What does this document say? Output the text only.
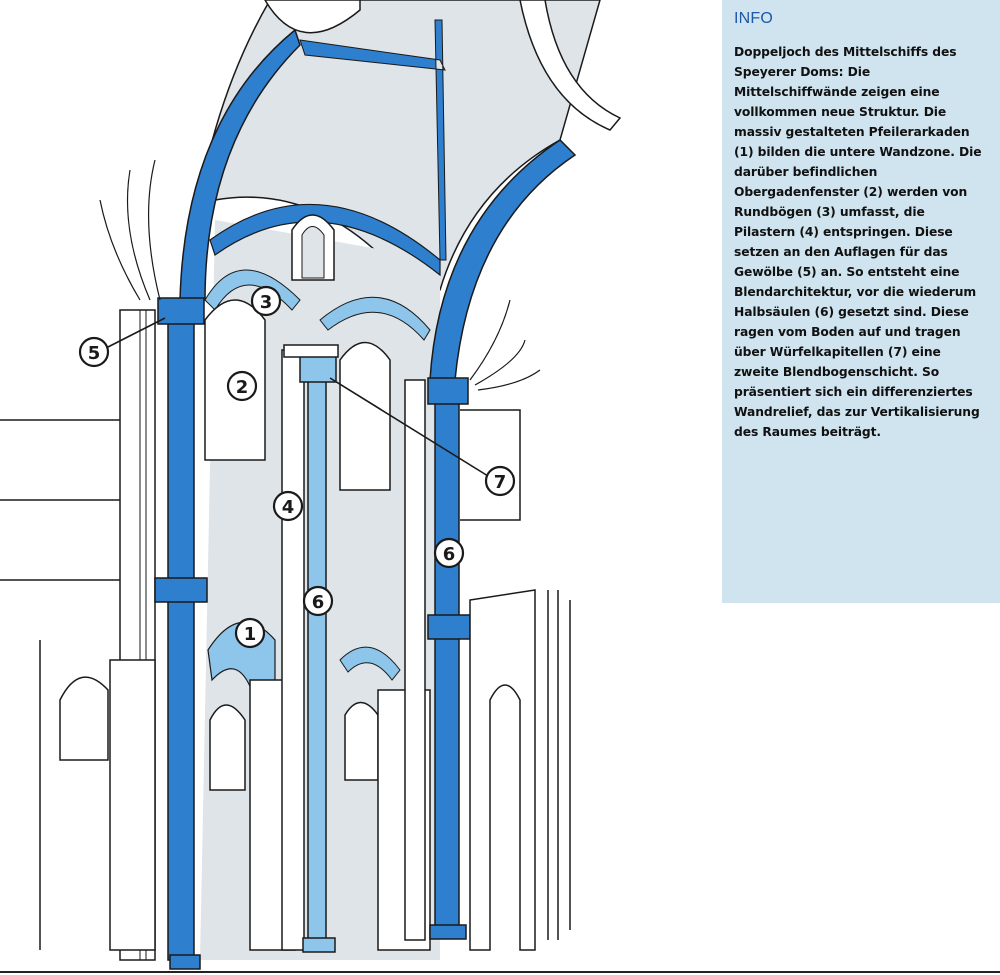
1
2
3
4
5
6
7
6
INFO

Doppeljoch des Mittelschiffs des Speyerer Doms: Die Mittelschiffwände zeigen eine vollkommen neue Struktur. Die massiv gestalteten Pfeilerarkaden (1) bilden die untere Wandzone. Die darüber befindlichen Obergadenfenster (2) werden von Rundbögen (3) umfasst, die Pilastern (4) entspringen. Diese setzen an den Auflagen für das Gewölbe (5) an. So entsteht eine Blendarchitektur, vor die wiederum Halbsäulen (6) gesetzt sind. Diese ragen vom Boden auf und tragen über Würfelkapitellen (7) eine zweite Blendbogenschicht. So präsentiert sich ein differenziertes Wandrelief, das zur Vertikalisierung des Raumes beiträgt.
